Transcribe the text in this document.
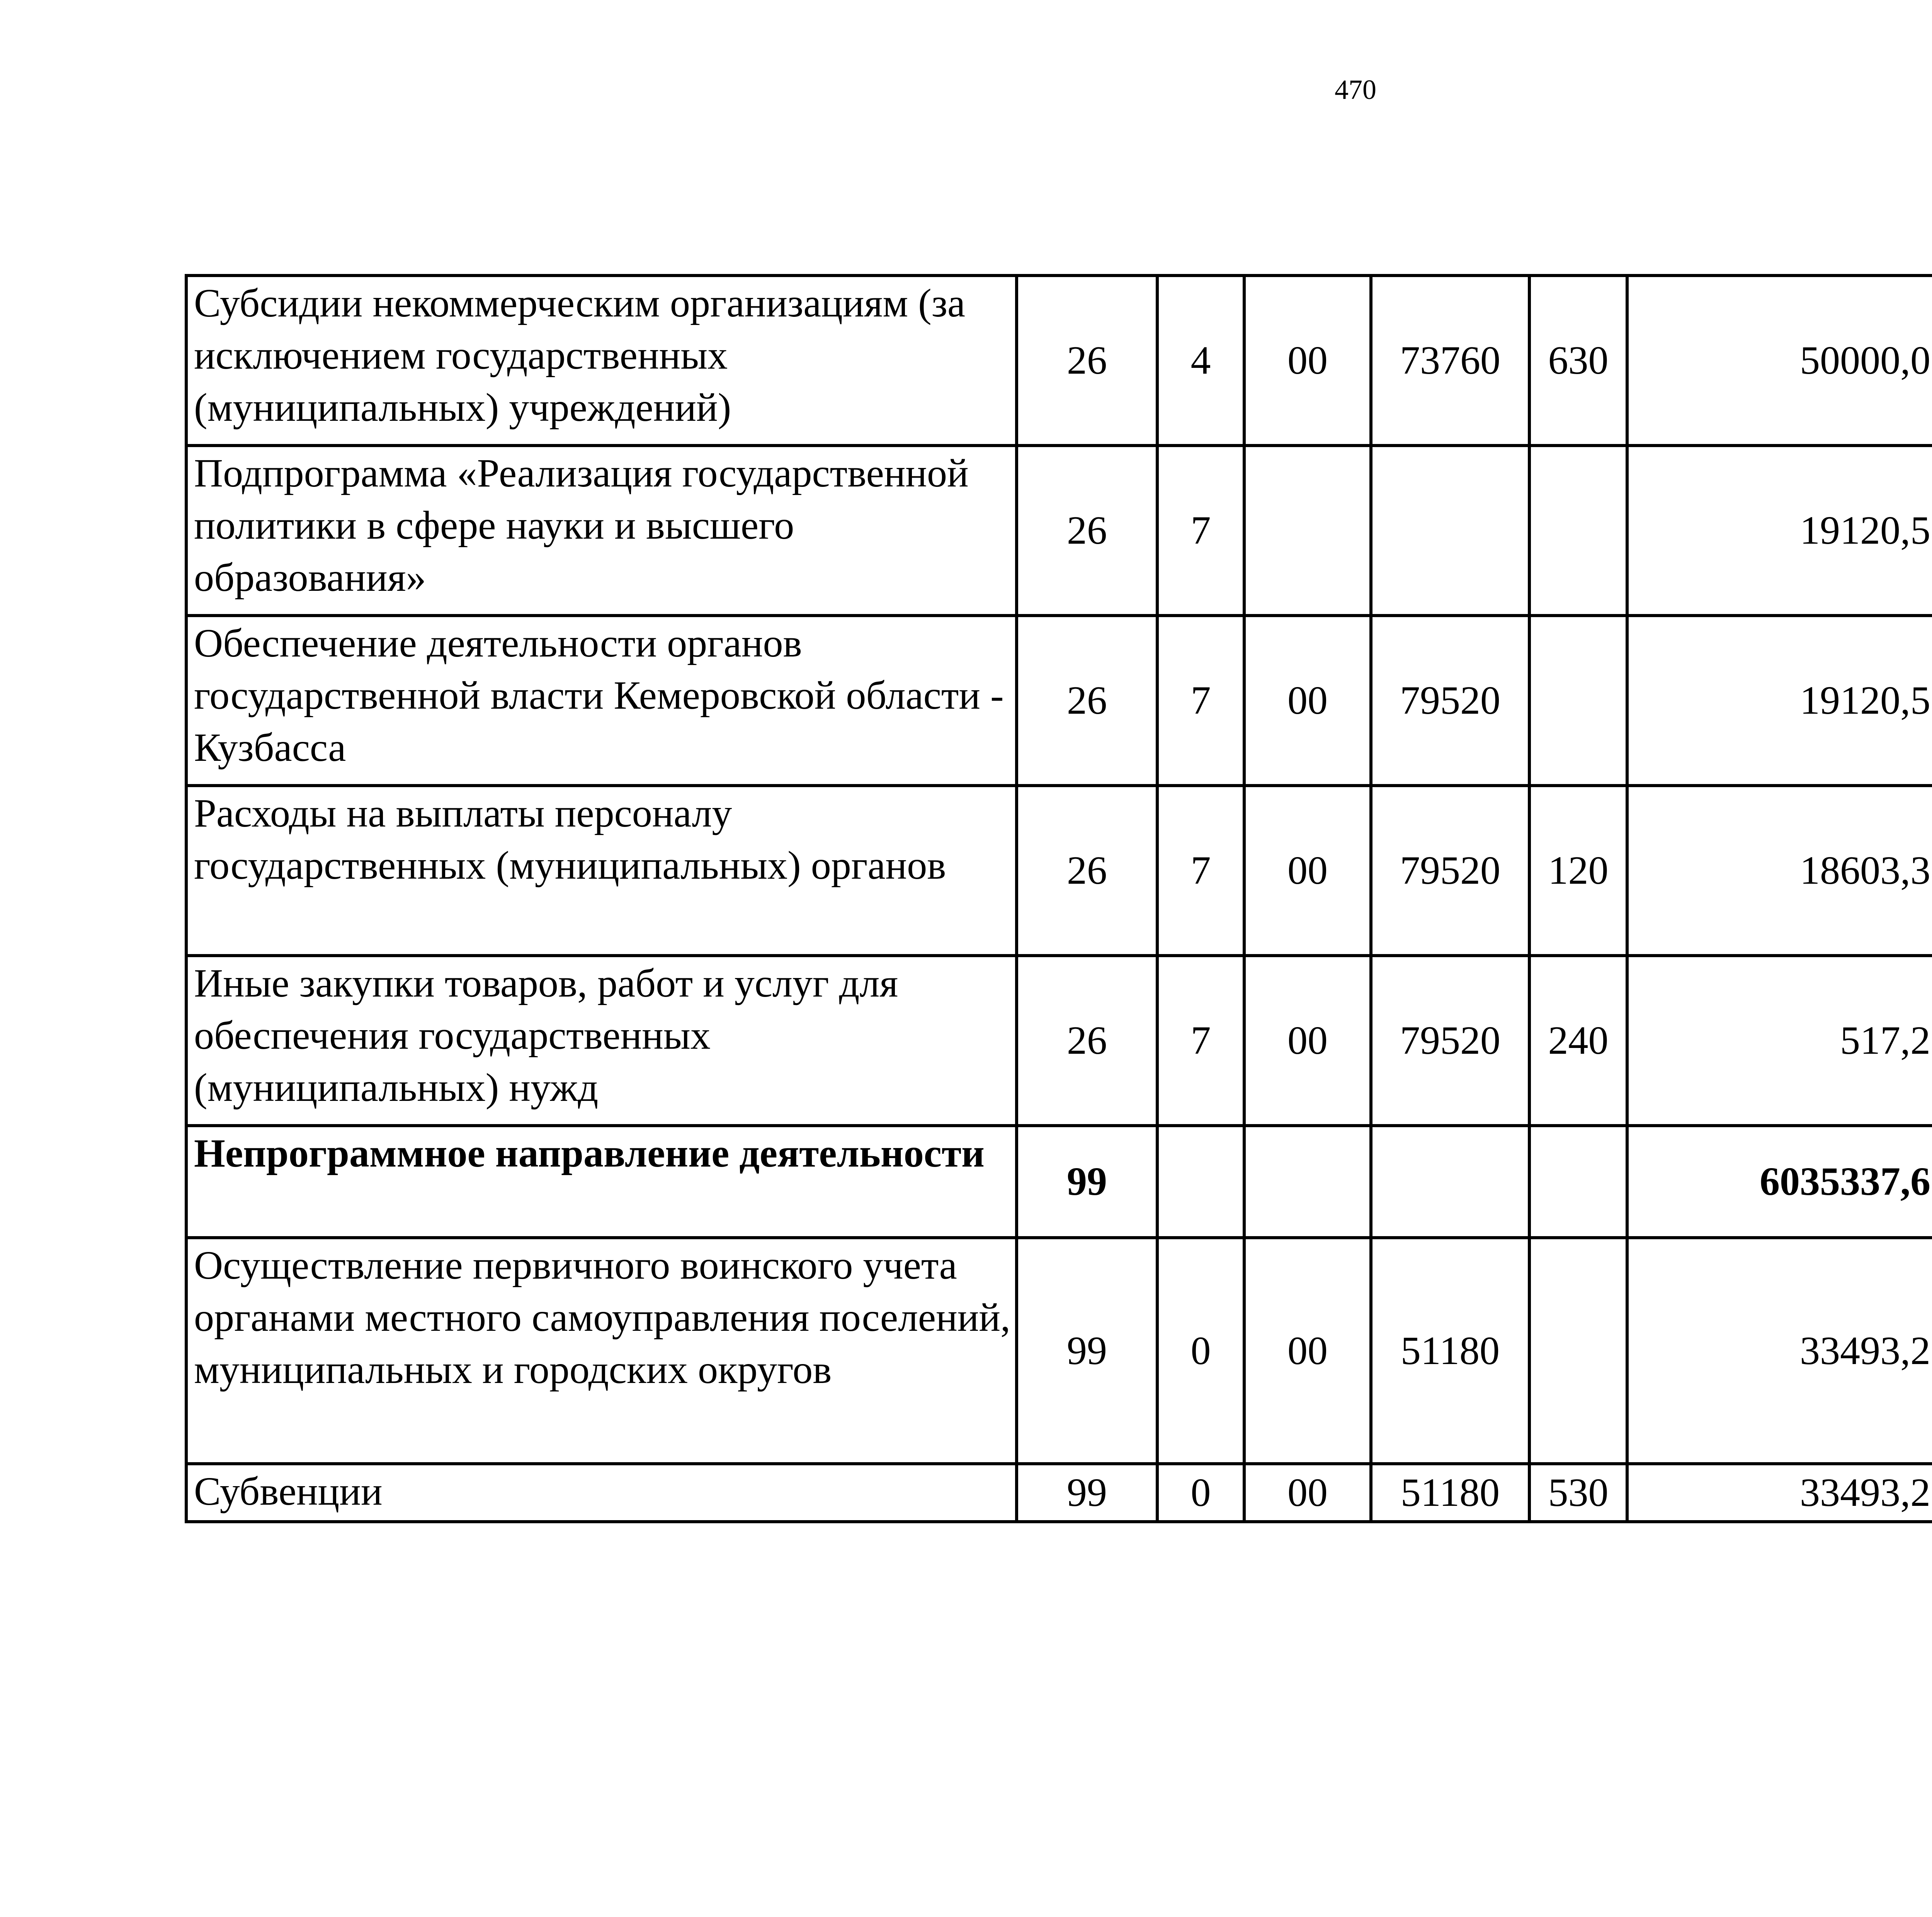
470
Субсидии некоммерческим организациям (за исключением государственных (муниципальных) учреждений)	26	4	00	73760	630	50000,0		
Подпрограмма «Реализация государственной политики в сфере науки и высшего образования»	26	7				19120,5		
Обеспечение деятельности органов государственной власти Кемеровской области - Кузбасса	26	7	00	79520		19120,5		
Расходы на выплаты персоналу государственных (муниципальных) органов	26	7	00	79520	120	18603,3		
Иные закупки товаров, работ и услуг для обеспечения государственных (муниципальных) нужд	26	7	00	79520	240	517,2		
Непрограммное направление деятельности	99					6035337,6		
Осуществление первичного воинского учета органами местного самоуправления поселений, муниципальных и городских округов	99	0	00	51180		33493,2		
Субвенции	99	0	00	51180	530	33493,2		
